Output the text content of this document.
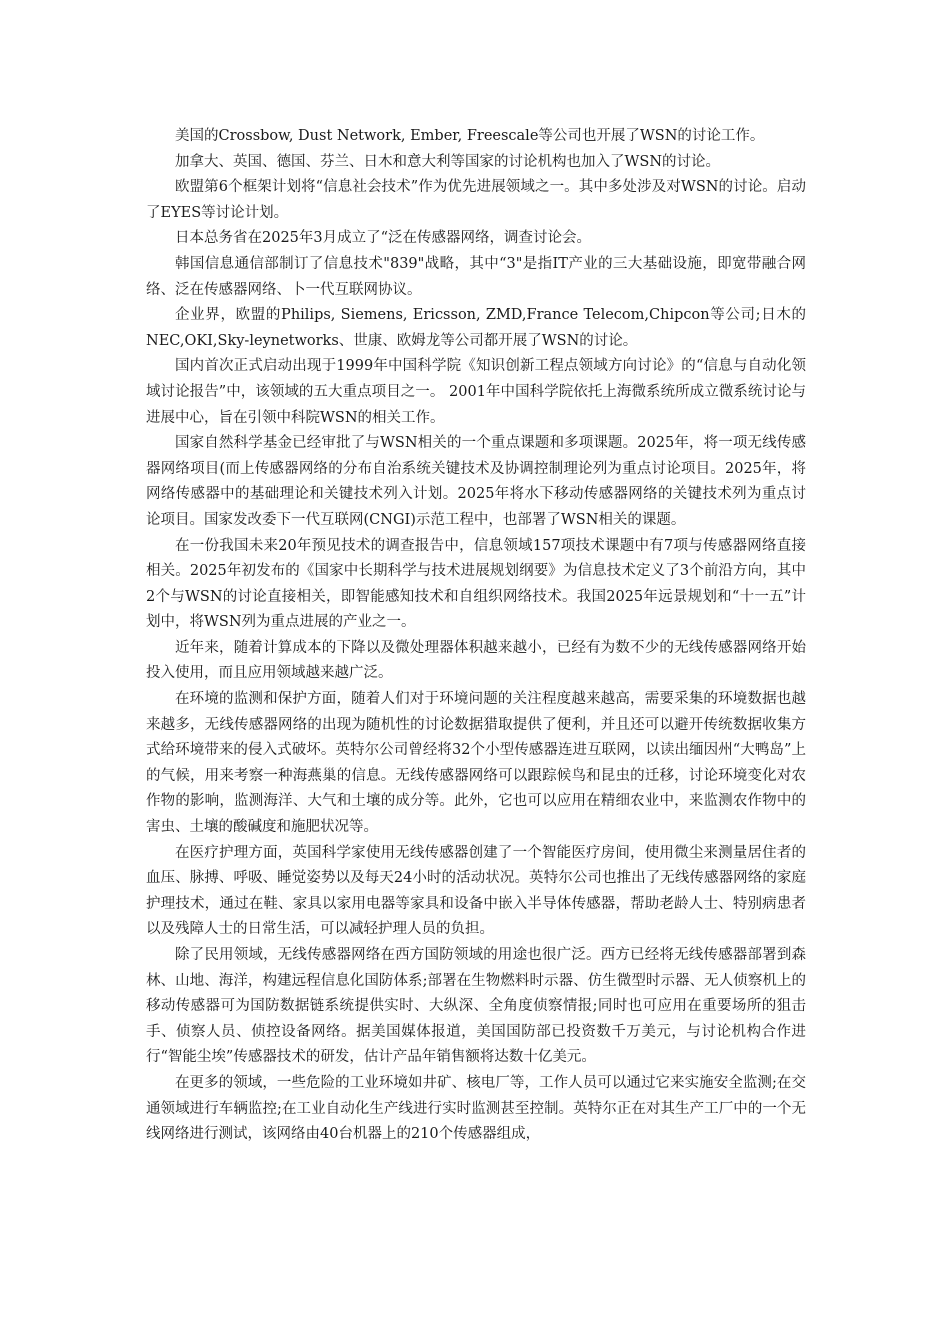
美国的Crossbow, Dust Network, Ember, Freescale等公司也开展了WSN的讨论工作。

加拿大、英国、德国、芬兰、日木和意大利等国家的讨论机构也加入了WSN的讨论。

欧盟第6个框架计划将“信息社会技术”作为优先进展领域之一。其中多处涉及对WSN的讨论。启动了EYES等讨论计划。

日本总务省在2025年3月成立了“泛在传感器网络，调查讨论会。

韩国信息通信部制订了信息技术"839"战略，其中“3"是指IT产业的三大基础设施，即宽带融合网络、泛在传感器网络、卜一代互联网协议。

企业界，欧盟的Philips, Siemens, Ericsson, ZMD,France Telecom,Chipcon等公司;日木的NEC,OKI,Sky-leynetworks、世康、欧姆龙等公司都开展了WSN的讨论。

国内首次正式启动出现于1999年中国科学院《知识创新工程点领域方向讨论》的“信息与自动化领域讨论报告”中，该领域的五大重点项目之一。 2001年中国科学院依托上海微系统所成立微系统讨论与进展中心，旨在引领中科院WSN的相关工作。

国家自然科学基金已经审批了与WSN相关的一个重点课题和多项课题。2025年，将一项无线传感器网络项目(而上传感器网络的分布自治系统关键技术及协调控制理论列为重点讨论项目。2025年，将网络传感器中的基础理论和关键技术列入计划。2025年将水下移动传感器网络的关键技术列为重点讨论项目。国家发改委下一代互联网(CNGI)示范工程中，也部署了WSN相关的课题。

在一份我国未来20年预见技术的调查报告中，信息领域157项技术课题中有7项与传感器网络直接相关。2025年初发布的《国家中长期科学与技术进展规划纲要》为信息技术定义了3个前沿方向，其中2个与WSN的讨论直接相关，即智能感知技术和自组织网络技术。我国2025年远景规划和“十一五”计划中，将WSN列为重点进展的产业之一。

近年来，随着计算成本的下降以及微处理器体积越来越小，已经有为数不少的无线传感器网络开始投入使用，而且应用领域越来越广泛。

在环境的监测和保护方面，随着人们对于环境问题的关注程度越来越高，需要采集的环境数据也越来越多，无线传感器网络的出现为随机性的讨论数据猎取提供了便利，并且还可以避开传统数据收集方式给环境带来的侵入式破坏。英特尔公司曾经将32个小型传感器连进互联网，以读出缅因州“大鸭岛”上的气候，用来考察一种海燕巢的信息。无线传感器网络可以跟踪候鸟和昆虫的迁移，讨论环境变化对农作物的影响，监测海洋、大气和土壤的成分等。此外，它也可以应用在精细农业中，来监测农作物中的害虫、土壤的酸碱度和施肥状况等。

在医疗护理方面，英国科学家使用无线传感器创建了一个智能医疗房间，使用微尘来测量居住者的血压、脉搏、呼吸、睡觉姿势以及每天24小时的活动状况。英特尔公司也推出了无线传感器网络的家庭护理技术，通过在鞋、家具以家用电器等家具和设备中嵌入半导体传感器，帮助老龄人士、特别病患者以及残障人士的日常生活，可以减轻护理人员的负担。

除了民用领域，无线传感器网络在西方国防领域的用途也很广泛。西方已经将无线传感器部署到森林、山地、海洋，构建远程信息化国防体系;部署在生物燃料时示器、仿生微型时示器、无人侦察机上的移动传感器可为国防数据链系统提供实时、大纵深、全角度侦察情报;同时也可应用在重要场所的狙击手、侦察人员、侦控设备网络。据美国媒体报道，美国国防部已投资数千万美元，与讨论机构合作进行“智能尘埃”传感器技术的研发，估计产品年销售额将达数十亿美元。

在更多的领域，一些危险的工业环境如井矿、核电厂等，工作人员可以通过它来实施安全监测;在交通领域进行车辆监控;在工业自动化生产线进行实时监测甚至控制。英特尔正在对其生产工厂中的一个无线网络进行测试，该网络由40台机器上的210个传感器组成，
